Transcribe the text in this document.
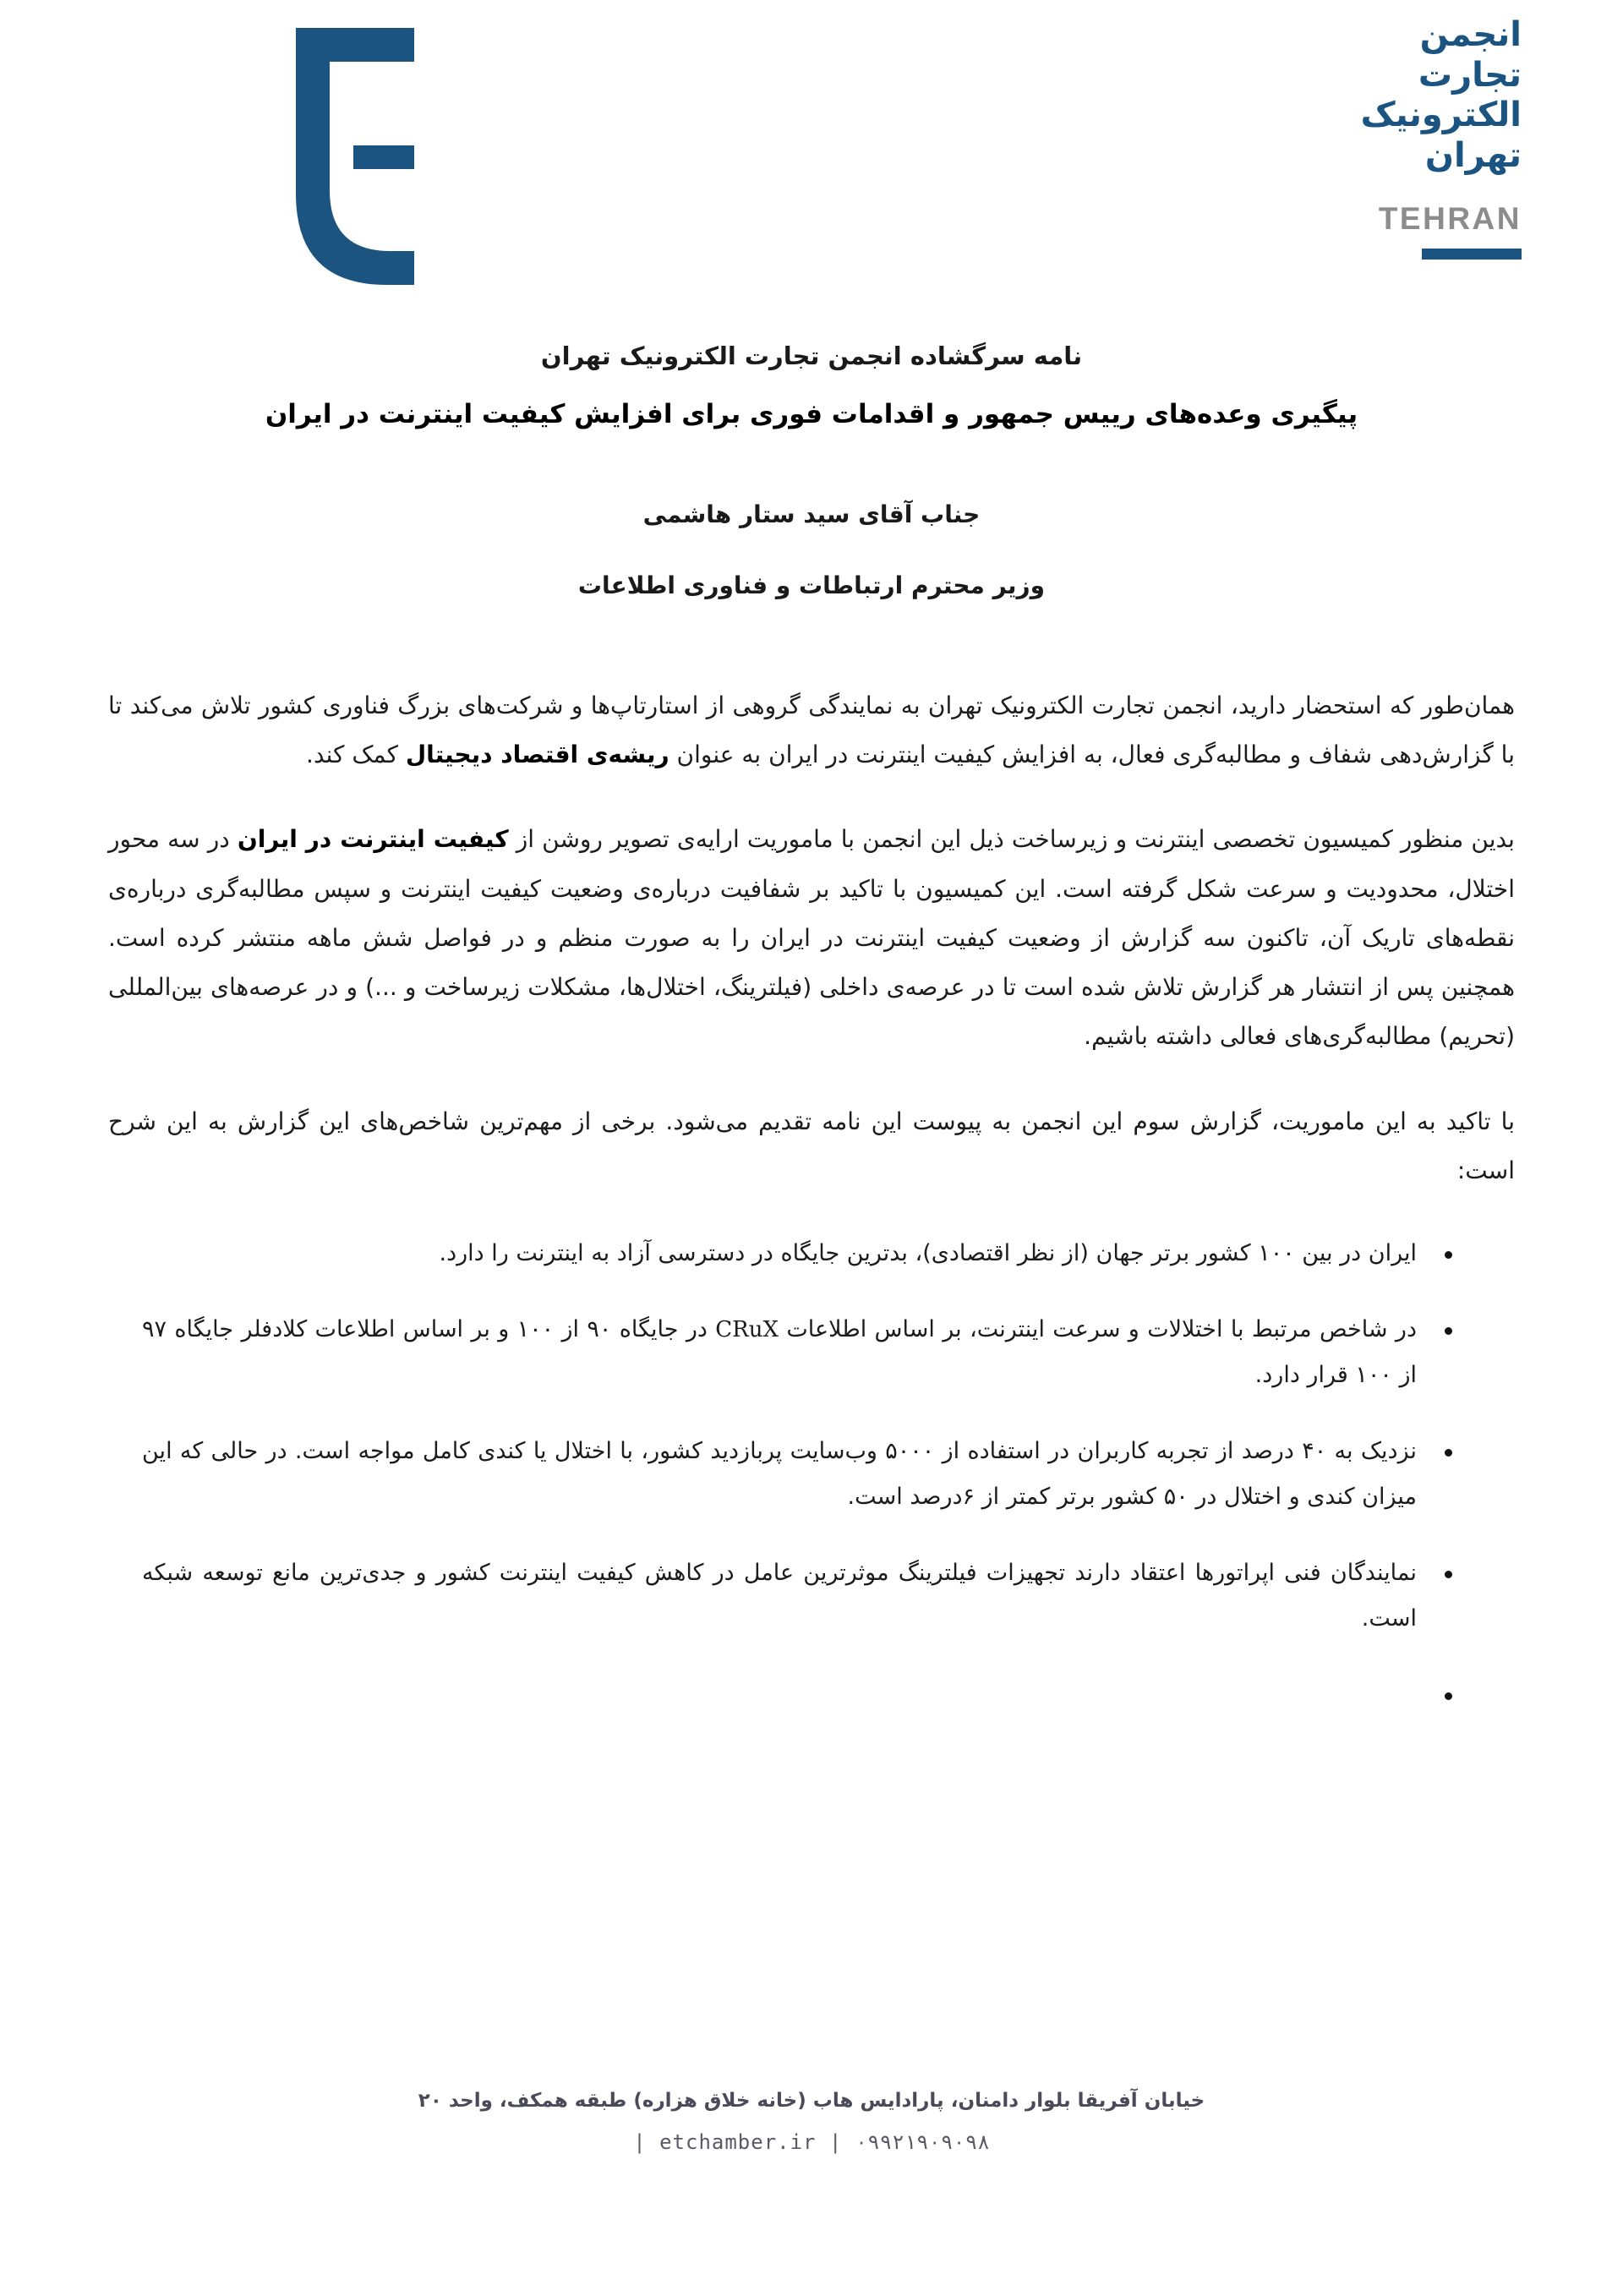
انجمن
تجارت
الکترونیک
تهران
TEHRAN
نامه سرگشاده انجمن تجارت الکترونیک تهران
پیگیری وعده‌های رییس جمهور و اقدامات فوری برای افزایش کیفیت اینترنت در ایران
جناب آقای سید ستار هاشمی
وزیر محترم ارتباطات و فناوری اطلاعات

همان‌طور که استحضار دارید، انجمن تجارت الکترونیک تهران به نمایندگی گروهی از استارتاپ‌ها و شرکت‌های بزرگ فناوری کشور تلاش می‌کند تا با گزارش‌دهی شفاف و مطالبه‌گری فعال، به افزایش کیفیت اینترنت در ایران به عنوان ریشه‌ی اقتصاد دیجیتال کمک کند.

بدین منظور کمیسیون تخصصی اینترنت و زیرساخت ذیل این انجمن با ماموریت ارایه‌ی تصویر روشن از کیفیت اینترنت در ایران در سه محور اختلال، محدودیت و سرعت شکل گرفته است. این کمیسیون با تاکید بر شفافیت درباره‌ی وضعیت کیفیت اینترنت و سپس مطالبه‌گری درباره‌ی نقطه‌های تاریک آن، تاکنون سه گزارش از وضعیت کیفیت اینترنت در ایران را به صورت منظم و در فواصل شش ماهه منتشر کرده است. همچنین پس از انتشار هر گزارش تلاش شده است تا در عرصه‌ی داخلی (فیلترینگ، اختلال‌ها، مشکلات زیرساخت و ...) و در عرصه‌های بین‌المللی (تحریم) مطالبه‌گری‌های فعالی داشته باشیم.

با تاکید به این ماموریت، گزارش سوم این انجمن به پیوست این نامه تقدیم می‌شود. برخی از مهم‌ترین شاخص‌های این گزارش به این شرح است:

ایران در بین ۱۰۰ کشور برتر جهان (از نظر اقتصادی)، بدترین جایگاه در دسترسی آزاد به اینترنت را دارد.
در شاخص مرتبط با اختلالات و سرعت اینترنت، بر اساس اطلاعات CRuX در جایگاه ۹۰ از ۱۰۰ و بر اساس اطلاعات کلادفلر جایگاه ۹۷ از ۱۰۰ قرار دارد.
نزدیک به ۴۰ درصد از تجربه کاربران در استفاده از ۵۰۰۰ وب‌سایت پربازدید کشور، با اختلال یا کندی کامل مواجه است. در حالی که این میزان کندی و اختلال در ۵۰ کشور برتر کمتر از ۶درصد است.
نمایندگان فنی اپراتورها اعتقاد دارند تجهیزات فیلترینگ موثرترین عامل در کاهش کیفیت اینترنت کشور و جدی‌ترین مانع توسعه شبکه است.
خیابان آفریقا بلوار دامنان، پارادایس هاب (خانه خلاق هزاره) طبقه همکف، واحد ۲۰
| etchamber.ir | ۰۹۹۲۱۹۰۹۰۹۸
